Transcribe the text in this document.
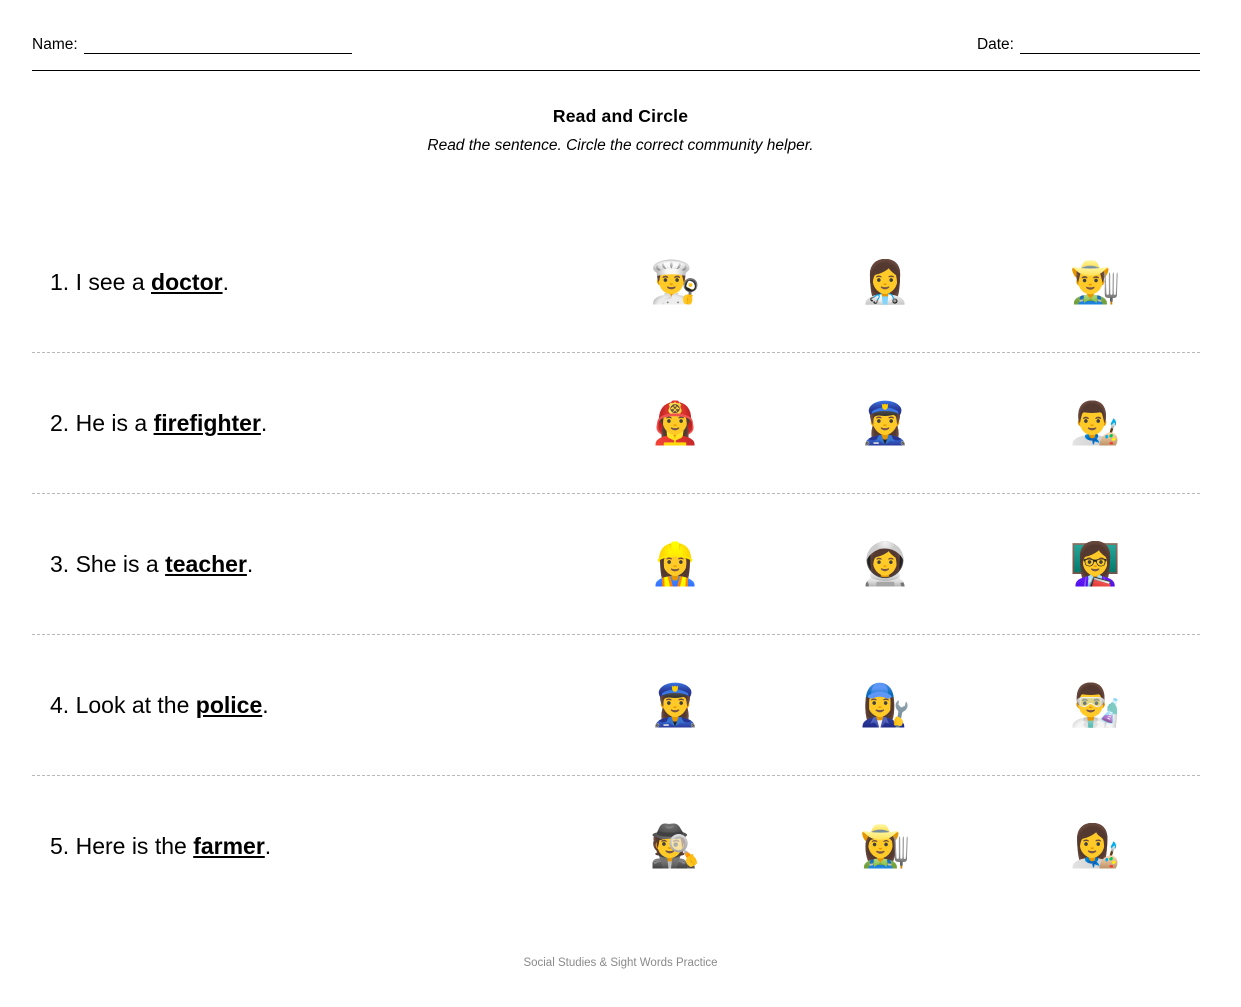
Name:	Date:
Read and Circle
Read the sentence. Circle the correct community helper.
1. I see a doctor.	👨‍🍳	👩‍⚕️	👨‍🌾
2. He is a firefighter.	👩‍🚒	👮‍♀️	👨‍🎨
3. She is a teacher.	👷‍♀️	👩‍🚀	👩‍🏫
4. Look at the police.	👮‍♀️	👩‍🔧	👨‍🔬
5. Here is the farmer.	🕵️	👩‍🌾	👩‍🎨
Social Studies & Sight Words Practice
